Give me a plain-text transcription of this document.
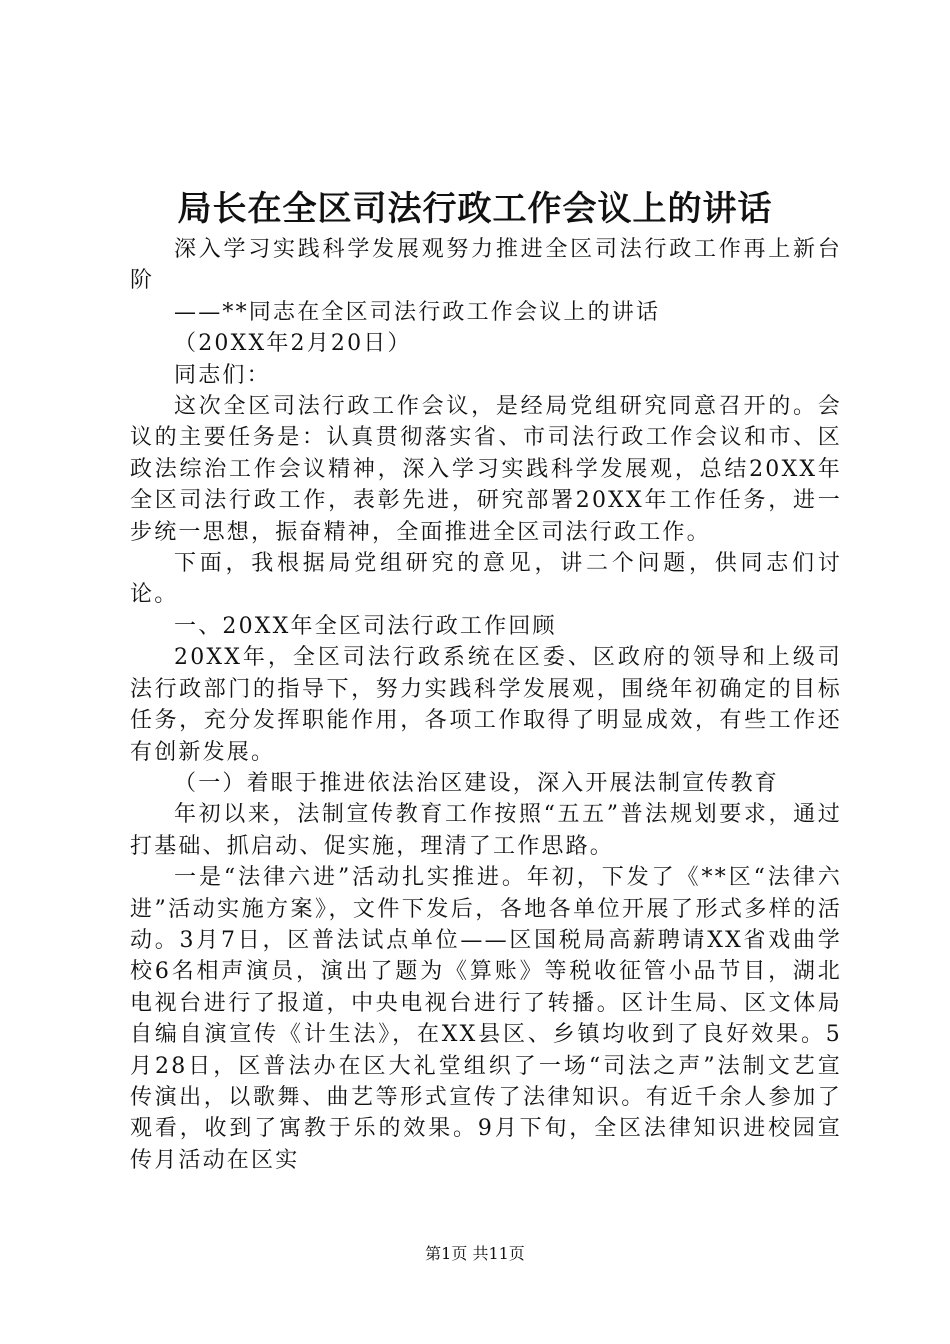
局长在全区司法行政工作会议上的讲话

深入学习实践科学发展观努力推进全区司法行政工作再上新台阶

——**同志在全区司法行政工作会议上的讲话

（20XX年2月20日）

同志们：

这次全区司法行政工作会议，是经局党组研究同意召开的。会议的主要任务是：认真贯彻落实省、市司法行政工作会议和市、区政法综治工作会议精神，深入学习实践科学发展观，总结20XX年全区司法行政工作，表彰先进，研究部署20XX年工作任务，进一步统一思想，振奋精神，全面推进全区司法行政工作。

下面，我根据局党组研究的意见，讲二个问题，供同志们讨论。

一、20XX年全区司法行政工作回顾

20XX年，全区司法行政系统在区委、区政府的领导和上级司法行政部门的指导下，努力实践科学发展观，围绕年初确定的目标任务，充分发挥职能作用，各项工作取得了明显成效，有些工作还有创新发展。

（一）着眼于推进依法治区建设，深入开展法制宣传教育

年初以来，法制宣传教育工作按照“五五”普法规划要求，通过打基础、抓启动、促实施，理清了工作思路。

一是“法律六进”活动扎实推进。年初，下发了《**区“法律六进”活动实施方案》，文件下发后，各地各单位开展了形式多样的活动。3月7日，区普法试点单位——区国税局高薪聘请XX省戏曲学校6名相声演员，演出了题为《算账》等税收征管小品节目，湖北电视台进行了报道，中央电视台进行了转播。区计生局、区文体局自编自演宣传《计生法》，在XX县区、乡镇均收到了良好效果。5月28日，区普法办在区大礼堂组织了一场“司法之声”法制文艺宣传演出，以歌舞、曲艺等形式宣传了法律知识。有近千余人参加了观看，收到了寓教于乐的效果。9月下旬，全区法律知识进校园宣传月活动在区实

第1页 共11页
